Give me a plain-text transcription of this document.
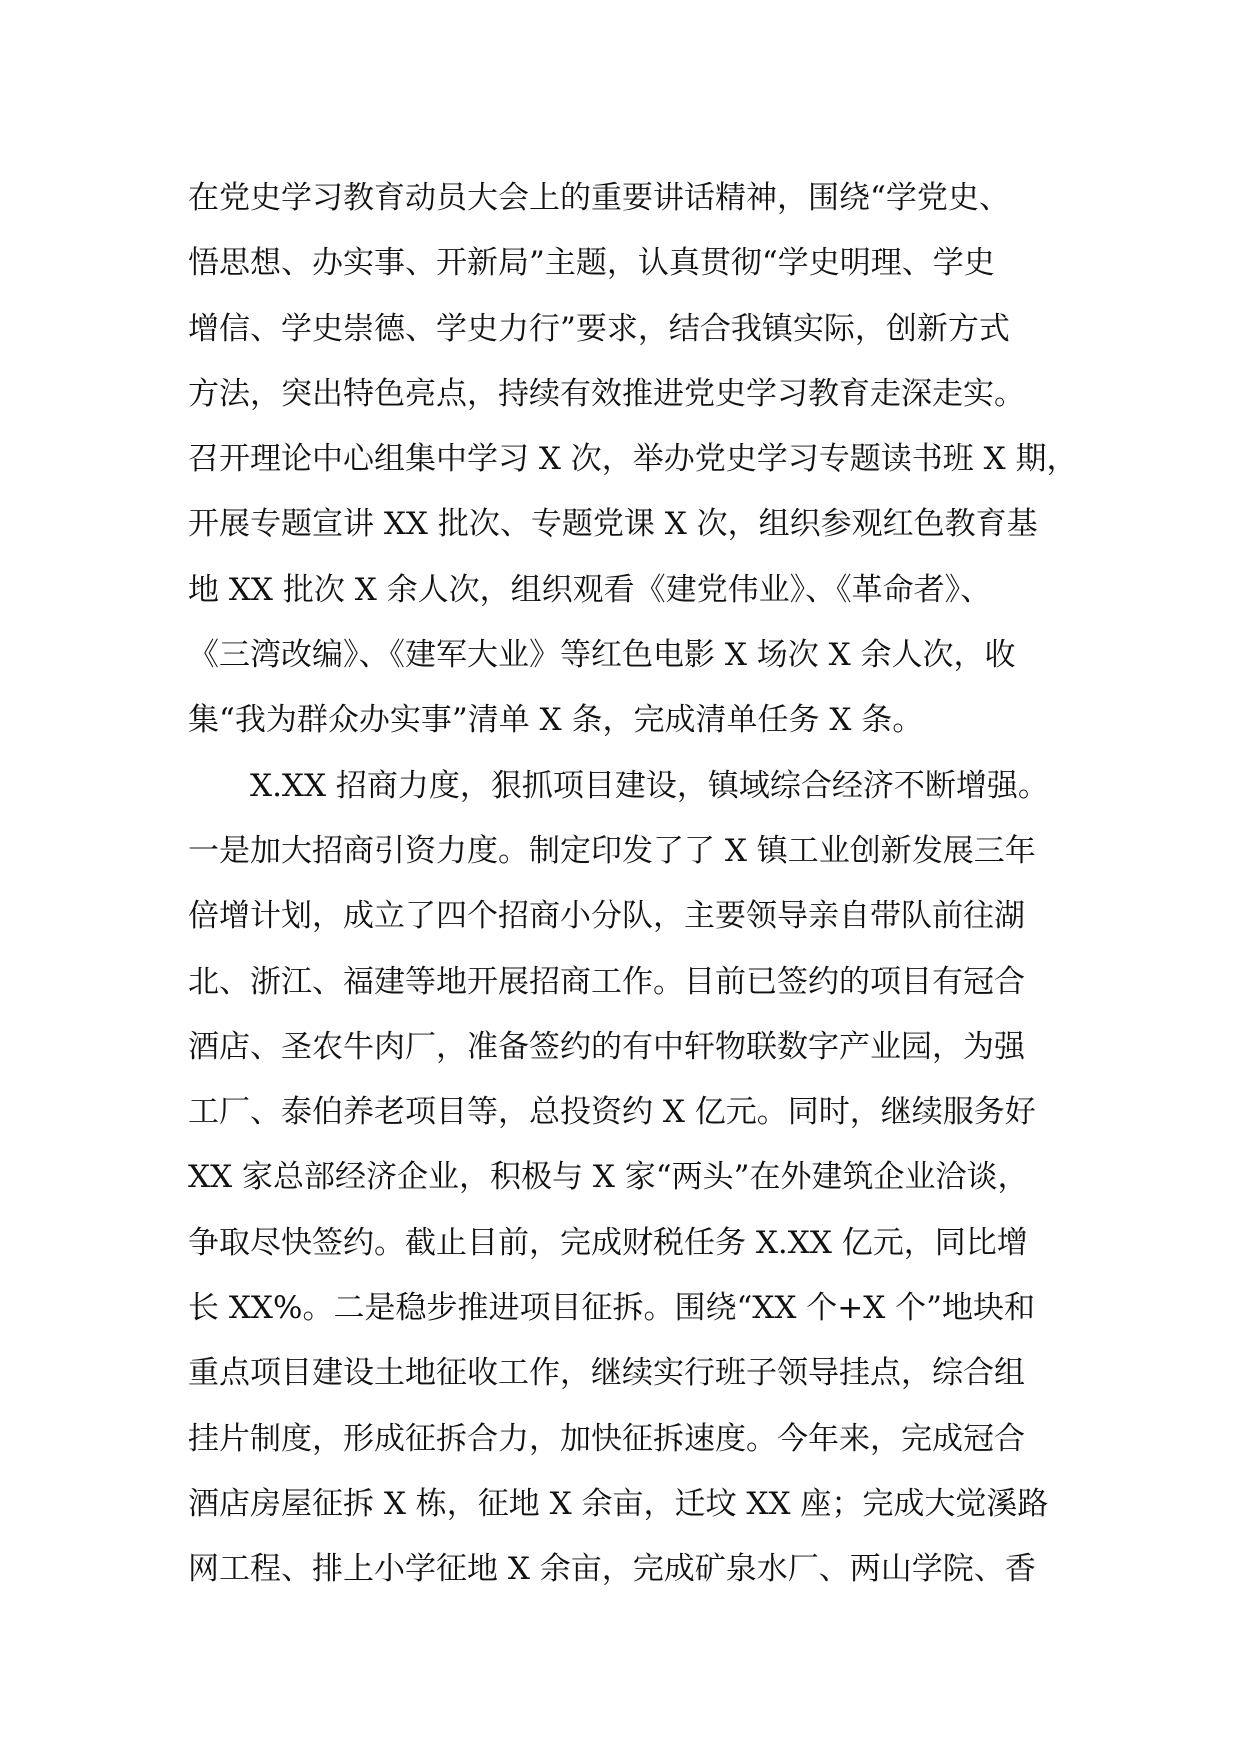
在党史学习教育动员大会上的重要讲话精神，围绕“学党史、
悟思想、办实事、开新局”主题，认真贯彻“学史明理、学史
增信、学史崇德、学史力行”要求，结合我镇实际，创新方式
方法，突出特色亮点，持续有效推进党史学习教育走深走实。
召开理论中心组集中学习 X 次，举办党史学习专题读书班 X 期，
开展专题宣讲 XX 批次、专题党课 X 次，组织参观红色教育基
地 XX 批次 X 余人次，组织观看《建党伟业》、《革命者》、
《三湾改编》、《建军大业》等红色电影 X 场次 X 余人次，收
集“我为群众办实事”清单 X 条，完成清单任务 X 条。
X.XX 招商力度，狠抓项目建设，镇域综合经济不断增强。
一是加大招商引资力度。制定印发了了 X 镇工业创新发展三年
倍增计划，成立了四个招商小分队，主要领导亲自带队前往湖
北、浙江、福建等地开展招商工作。目前已签约的项目有冠合
酒店、圣农牛肉厂，准备签约的有中轩物联数字产业园，为强
工厂、泰伯养老项目等，总投资约 X 亿元。同时，继续服务好
XX 家总部经济企业，积极与 X 家“两头”在外建筑企业洽谈，
争取尽快签约。截止目前，完成财税任务 X.XX 亿元，同比增
长 XX%。二是稳步推进项目征拆。围绕“XX 个+X 个”地块和
重点项目建设土地征收工作，继续实行班子领导挂点，综合组
挂片制度，形成征拆合力，加快征拆速度。今年来，完成冠合
酒店房屋征拆 X 栋，征地 X 余亩，迁坟 XX 座；完成大觉溪路
网工程、排上小学征地 X 余亩，完成矿泉水厂、两山学院、香
